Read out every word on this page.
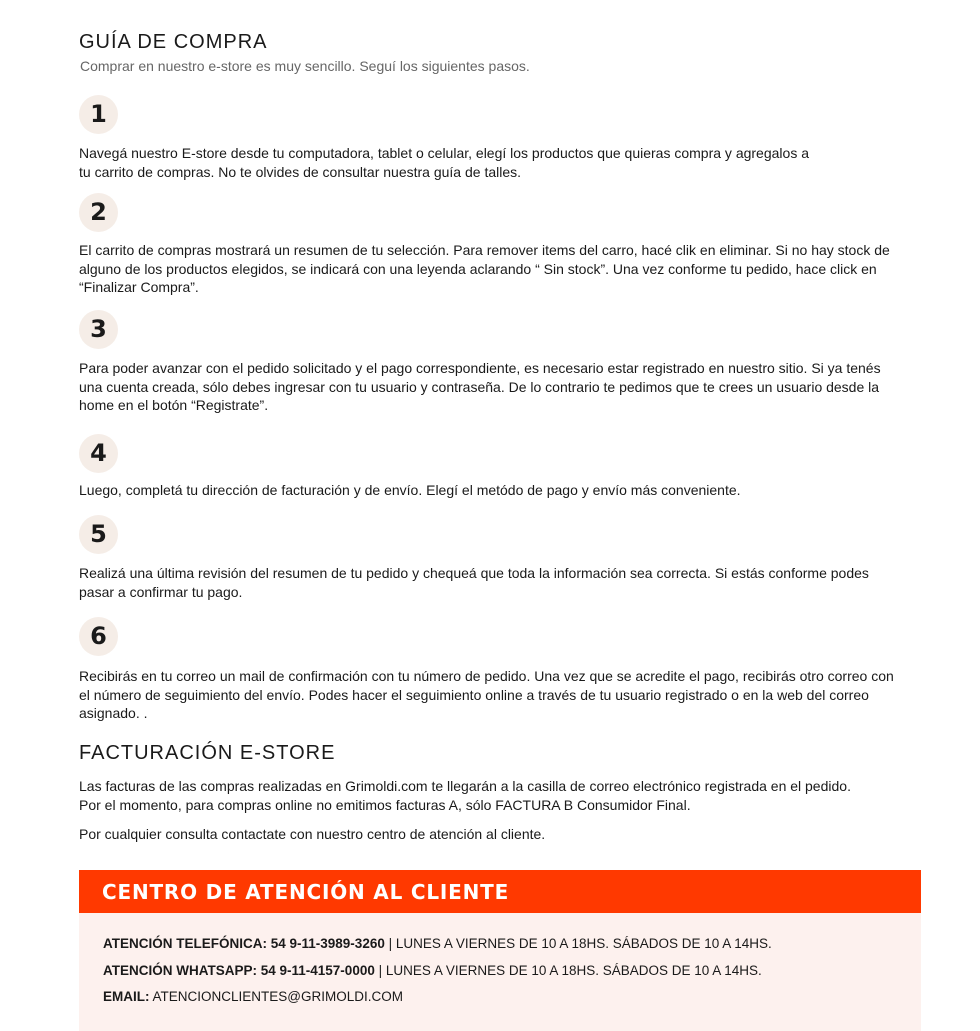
GUÍA DE COMPRA

Comprar en nuestro e-store es muy sencillo. Seguí los siguientes pasos.

1

Navegá nuestro E-store desde tu computadora, tablet o celular, elegí los productos que quieras compra y agregalos a
tu carrito de compras. No te olvides de consultar nuestra guía de talles.

2

El carrito de compras mostrará un resumen de tu selección. Para remover items del carro, hacé clik en eliminar. Si no hay stock de
alguno de los productos elegidos, se indicará con una leyenda aclarando “ Sin stock”. Una vez conforme tu pedido, hace click en
“Finalizar Compra”.

3

Para poder avanzar con el pedido solicitado y el pago correspondiente, es necesario estar registrado en nuestro sitio. Si ya tenés
una cuenta creada, sólo debes ingresar con tu usuario y contraseña. De lo contrario te pedimos que te crees un usuario desde la
home en el botón “Registrate”.

4

Luego, completá tu dirección de facturación y de envío. Elegí el metódo de pago y envío más conveniente.

5

Realizá una última revisión del resumen de tu pedido y chequeá que toda la información sea correcta. Si estás conforme podes
pasar a confirmar tu pago.

6

Recibirás en tu correo un mail de confirmación con tu número de pedido. Una vez que se acredite el pago, recibirás otro correo con
el número de seguimiento del envío. Podes hacer el seguimiento online a través de tu usuario registrado o en la web del correo
asignado. .

FACTURACIÓN E-STORE

Las facturas de las compras realizadas en Grimoldi.com te llegarán a la casilla de correo electrónico registrada en el pedido.
Por el momento, para compras online no emitimos facturas A, sólo FACTURA B Consumidor Final.

Por cualquier consulta contactate con nuestro centro de atención al cliente.

CENTRO DE ATENCIÓN AL CLIENTE
ATENCIÓN TELEFÓNICA: 54 9-11-3989-3260 | LUNES A VIERNES DE 10 A 18HS. SÁBADOS DE 10 A 14HS.
ATENCIÓN WHATSAPP: 54 9-11-4157-0000 | LUNES A VIERNES DE 10 A 18HS. SÁBADOS DE 10 A 14HS.
EMAIL: ATENCIONCLIENTES@GRIMOLDI.COM
